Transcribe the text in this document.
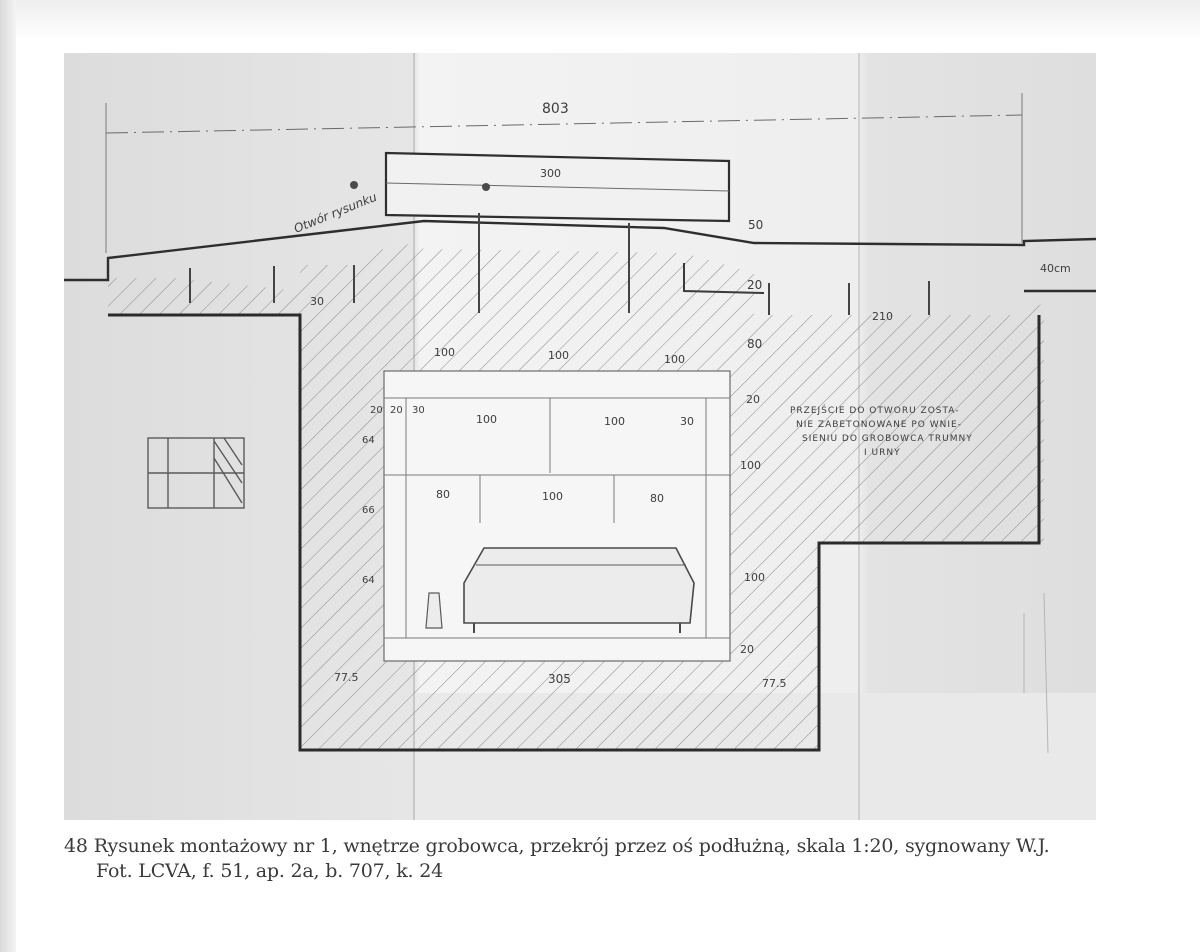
803
300
50
Otwór rysunku
40cm
20
30
210
80
100	100	100
100	100	30
20 20 30
64
66
64
80	100	80
20
100
100
20
305
77.5	77.5
PRZEJŚCIE DO OTWORU ZOSTA- NIE ZABETONOWANE PO WNIE- SIENIU DO GROBOWCA TRUMNY I URNY
48 Rysunek montażowy nr 1, wnętrze grobowca, przekrój przez oś podłużną, skala 1:20, sygnowany W.J.
Fot. LCVA, f. 51, ap. 2a, b. 707, k. 24
